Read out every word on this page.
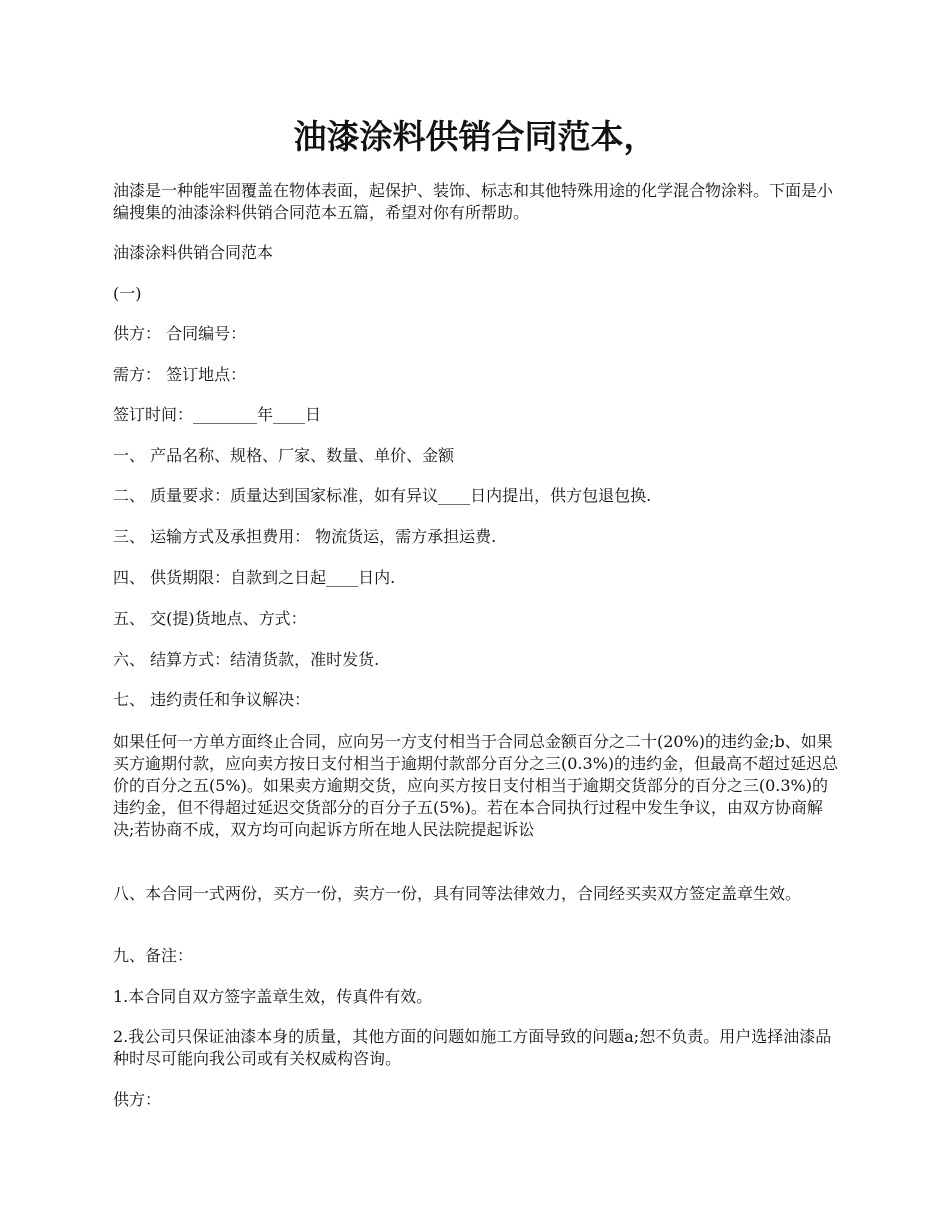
油漆涂料供销合同范本，

油漆是一种能牢固覆盖在物体表面，起保护、装饰、标志和其他特殊用途的化学混合物涂料。下面是小编搜集的油漆涂料供销合同范本五篇，希望对你有所帮助。

油漆涂料供销合同范本

(一)

供方： 合同编号：

需方： 签订地点：

签订时间：________年____日

一、 产品名称、规格、厂家、数量、单价、金额

二、 质量要求：质量达到国家标准，如有异议____日内提出，供方包退包换.

三、 运输方式及承担费用： 物流货运，需方承担运费.

四、 供货期限：自款到之日起____日内.

五、 交(提)货地点、方式：

六、 结算方式：结清货款，准时发货.

七、 违约责任和争议解决：

如果任何一方单方面终止合同，应向另一方支付相当于合同总金额百分之二十(20%)的违约金;b、如果买方逾期付款，应向卖方按日支付相当于逾期付款部分百分之三(0.3%)的违约金，但最高不超过延迟总价的百分之五(5%)。如果卖方逾期交货，应向买方按日支付相当于逾期交货部分的百分之三(0.3%)的违约金，但不得超过延迟交货部分的百分子五(5%)。若在本合同执行过程中发生争议，由双方协商解决;若协商不成，双方均可向起诉方所在地人民法院提起诉讼

八、本合同一式两份，买方一份，卖方一份，具有同等法律效力，合同经买卖双方签定盖章生效。

九、备注：

1.本合同自双方签字盖章生效，传真件有效。

2.我公司只保证油漆本身的质量，其他方面的问题如施工方面导致的问题a;恕不负责。用户选择油漆品种时尽可能向我公司或有关权威构咨询。

供方：
